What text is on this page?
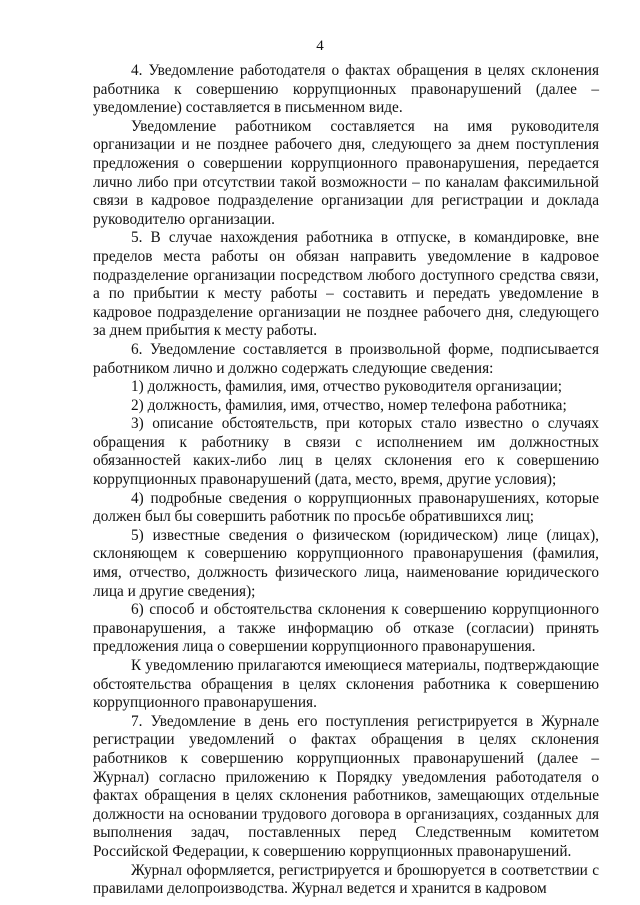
4

4. Уведомление работодателя о фактах обращения в целях склонения работника к совершению коррупционных правонарушений (далее – уведомление) составляется в письменном виде.

Уведомление работником составляется на имя руководителя организации и не позднее рабочего дня, следующего за днем поступления предложения о совершении коррупционного правонарушения, передается лично либо при отсутствии такой возможности – по каналам факсимильной связи в кадровое подразделение организации для регистрации и доклада руководителю организации.

5. В случае нахождения работника в отпуске, в командировке, вне пределов места работы он обязан направить уведомление в кадровое подразделение организации посредством любого доступного средства связи, а по прибытии к месту работы – составить и передать уведомление в кадровое подразделение организации не позднее рабочего дня, следующего за днем прибытия к месту работы.

6. Уведомление составляется в произвольной форме, подписывается работником лично и должно содержать следующие сведения:

1) должность, фамилия, имя, отчество руководителя организации;

2) должность, фамилия, имя, отчество, номер телефона работника;

3) описание обстоятельств, при которых стало известно о случаях обращения к работнику в связи с исполнением им должностных обязанностей каких-либо лиц в целях склонения его к совершению коррупционных правонарушений (дата, место, время, другие условия);

4) подробные сведения о коррупционных правонарушениях, которые должен был бы совершить работник по просьбе обратившихся лиц;

5) известные сведения о физическом (юридическом) лице (лицах), склоняющем к совершению коррупционного правонарушения (фамилия, имя, отчество, должность физического лица, наименование юридического лица и другие сведения);

6) способ и обстоятельства склонения к совершению коррупционного правонарушения, а также информацию об отказе (согласии) принять предложения лица о совершении коррупционного правонарушения.

К уведомлению прилагаются имеющиеся материалы, подтверждающие обстоятельства обращения в целях склонения работника к совершению коррупционного правонарушения.

7. Уведомление в день его поступления регистрируется в Журнале регистрации уведомлений о фактах обращения в целях склонения работников к совершению коррупционных правонарушений (далее – Журнал) согласно приложению к Порядку уведомления работодателя о фактах обращения в целях склонения работников, замещающих отдельные должности на основании трудового договора в организациях, созданных для выполнения задач, поставленных перед Следственным комитетом Российской Федерации, к совершению коррупционных правонарушений.

Журнал оформляется, регистрируется и брошюруется в соответствии с правилами делопроизводства. Журнал ведется и хранится в кадровом
